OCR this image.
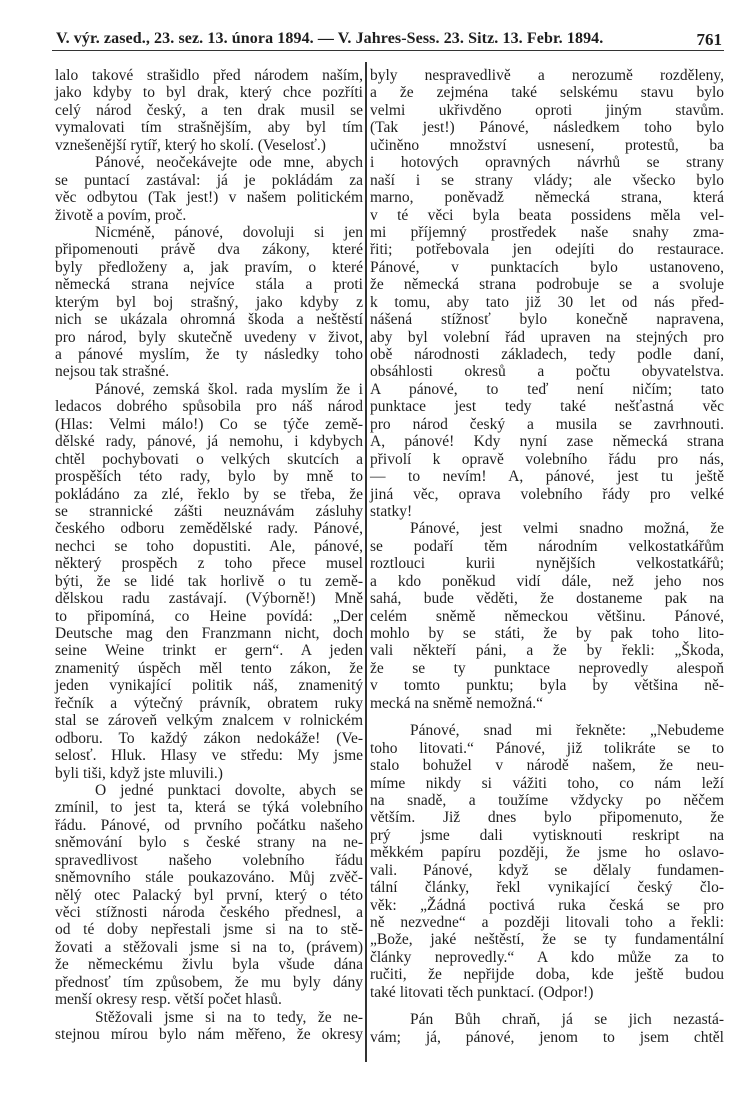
V. výr. zased., 23. sez. 13. února 1894. — V. Jahres-Sess. 23. Sitz. 13. Febr. 1894.	761
lalo takové strašidlo před národem naším,
jako kdyby to byl drak, který chce pozříti
celý národ český, a ten drak musil se
vymalovati tím strašnějším, aby byl tím
vznešenější rytíř, který ho skolí. (Veselosť.)
Pánové, neočekávejte ode mne, abych
se puntací zastával: já je pokládám za
věc odbytou (Tak jest!) v našem politickém
životě a povím, proč.
Nicméně, pánové, dovoluji si jen
připomenouti právě dva zákony, které
byly předloženy a, jak pravím, o které
německá strana nejvíce stála a proti
kterým byl boj strašný, jako kdyby z
nich se ukázala ohromná škoda a neštěstí
pro národ, byly skutečně uvedeny v život,
a pánové myslím, že ty následky toho
nejsou tak strašné.
Pánové, zemská škol. rada myslím že i
ledacos dobrého spůsobila pro náš národ
(Hlas: Velmi málo!) Co se týče země-
dělské rady, pánové, já nemohu, i kdybych
chtěl pochybovati o velkých skutcích a
prospěších této rady, bylo by mně to
pokládáno za zlé, řeklo by se třeba, že
se strannické zášti neuznávám zásluhy
českého odboru zemědělské rady. Pánové,
nechci se toho dopustiti. Ale, pánové,
některý prospěch z toho přece musel
býti, že se lidé tak horlivě o tu země-
dělskou radu zastávají. (Výborně!) Mně
to připomíná, co Heine povídá: „Der
Deutsche mag den Franzmann nicht, doch
seine Weine trinkt er gern“. A jeden
znamenitý úspěch měl tento zákon, že
jeden vynikající politik náš, znamenitý
řečník a výtečný právník, obratem ruky
stal se zároveň velkým znalcem v rolnickém
odboru. To každý zákon nedokáže! (Ve-
selosť. Hluk. Hlasy ve středu: My jsme
byli tiši, když jste mluvili.)
O jedné punktaci dovolte, abych se
zmínil, to jest ta, která se týká volebního
řádu. Pánové, od prvního počátku našeho
sněmování bylo s české strany na ne-
spravedlivost našeho volebního řádu
sněmovního stále poukazováno. Můj zvěč-
nělý otec Palacký byl první, který o této
věci stížnosti národa českého přednesl, a
od té doby nepřestali jsme si na to stě-
žovati a stěžovali jsme si na to, (právem)
že německému živlu byla všude dána
přednosť tím způsobem, že mu byly dány
menší okresy resp. větší počet hlasů.
Stěžovali jsme si na to tedy, že ne-
stejnou mírou bylo nám měřeno, že okresy
byly nespravedlivě a nerozumě rozděleny,
a že zejména také selskému stavu bylo
velmi ukřivděno oproti jiným stavům.
(Tak jest!) Pánové, následkem toho bylo
učiněno množství usnesení, protestů, ba
i hotových opravných návrhů se strany
naší i se strany vlády; ale všecko bylo
marno, poněvadž německá strana, která
v té věci byla beata possidens měla vel-
mi příjemný prostředek naše snahy zma-
řiti; potřebovala jen odejíti do restaurace.
Pánové, v punktacích bylo ustanoveno,
že německá strana podrobuje se a svoluje
k tomu, aby tato již 30 let od nás před-
nášená stížnosť bylo konečně napravena,
aby byl volební řád upraven na stejných pro
obě národnosti základech, tedy podle daní,
obsáhlosti okresů a počtu obyvatelstva.
A pánové, to teď není ničím; tato
punktace jest tedy také nešťastná věc
pro národ český a musila se zavrhnouti.
A, pánové! Kdy nyní zase německá strana
přivolí k opravě volebního řádu pro nás,
— to nevím! A, pánové, jest tu ještě
jiná věc, oprava volebního řády pro velké
statky!
Pánové, jest velmi snadno možná, že
se podaří těm národním velkostatkářům
roztlouci kurii nynějších velkostatkářů;
a kdo poněkud vidí dále, než jeho nos
sahá, bude věděti, že dostaneme pak na
celém sněmě německou většinu. Pánové,
mohlo by se státi, že by pak toho lito-
vali někteří páni, a že by řekli: „Škoda,
že se ty punktace neprovedly alespoň
v tomto punktu; byla by většina ně-
mecká na sněmě nemožná.“
Pánové, snad mi řekněte: „Nebudeme
toho litovati.“ Pánové, již tolikráte se to
stalo bohužel v národě našem, že neu-
míme nikdy si vážiti toho, co nám leží
na snadě, a toužíme vždycky po něčem
větším. Již dnes bylo připomenuto, že
prý jsme dali vytisknouti reskript na
měkkém papíru později, že jsme ho oslavo-
vali. Pánové, když se dělaly fundamen-
tální články, řekl vynikající český člo-
věk: „Žádná poctivá ruka česká se pro
ně nezvedne“ a později litovali toho a řekli:
„Bože, jaké neštěstí, že se ty fundamentální
články neprovedly.“ A kdo může za to
ručiti, že nepřijde doba, kde ještě budou
také litovati těch punktací. (Odpor!)
Pán Bůh chraň, já se jich nezastá-
vám; já, pánové, jenom to jsem chtěl
